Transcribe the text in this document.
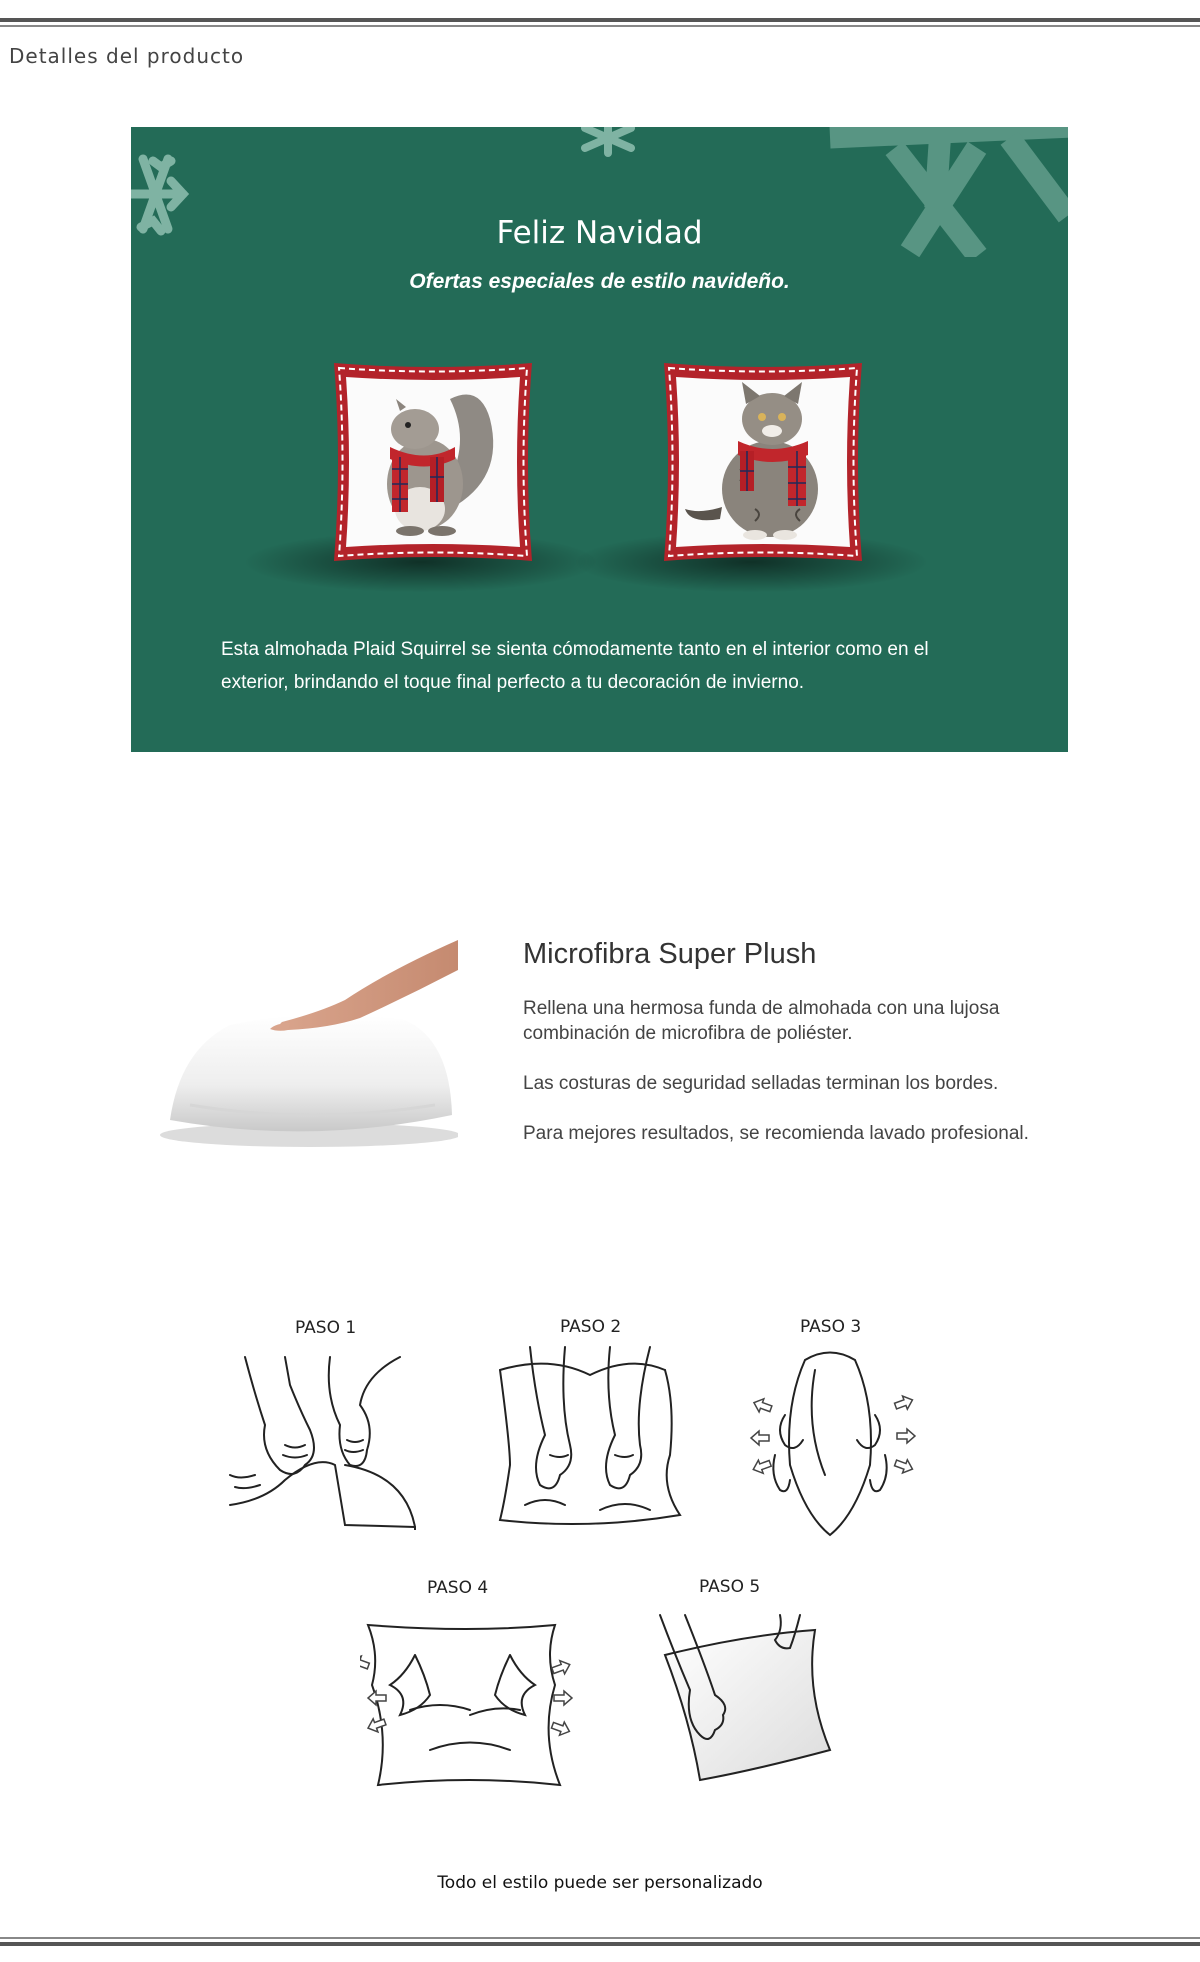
Detalles del producto
Feliz Navidad
Ofertas especiales de estilo navideño.
Esta almohada Plaid Squirrel se sienta cómodamente tanto en el interior como en el exterior, brindando el toque final perfecto a tu decoración de invierno.
Microfibra Super Plush
Rellena una hermosa funda de almohada con una lujosa combinación de microfibra de poliéster.
Las costuras de seguridad selladas terminan los bordes.
Para mejores resultados, se recomienda lavado profesional.
PASO 1	PASO 2	PASO 3
PASO 4	PASO 5
Todo el estilo puede ser personalizado
